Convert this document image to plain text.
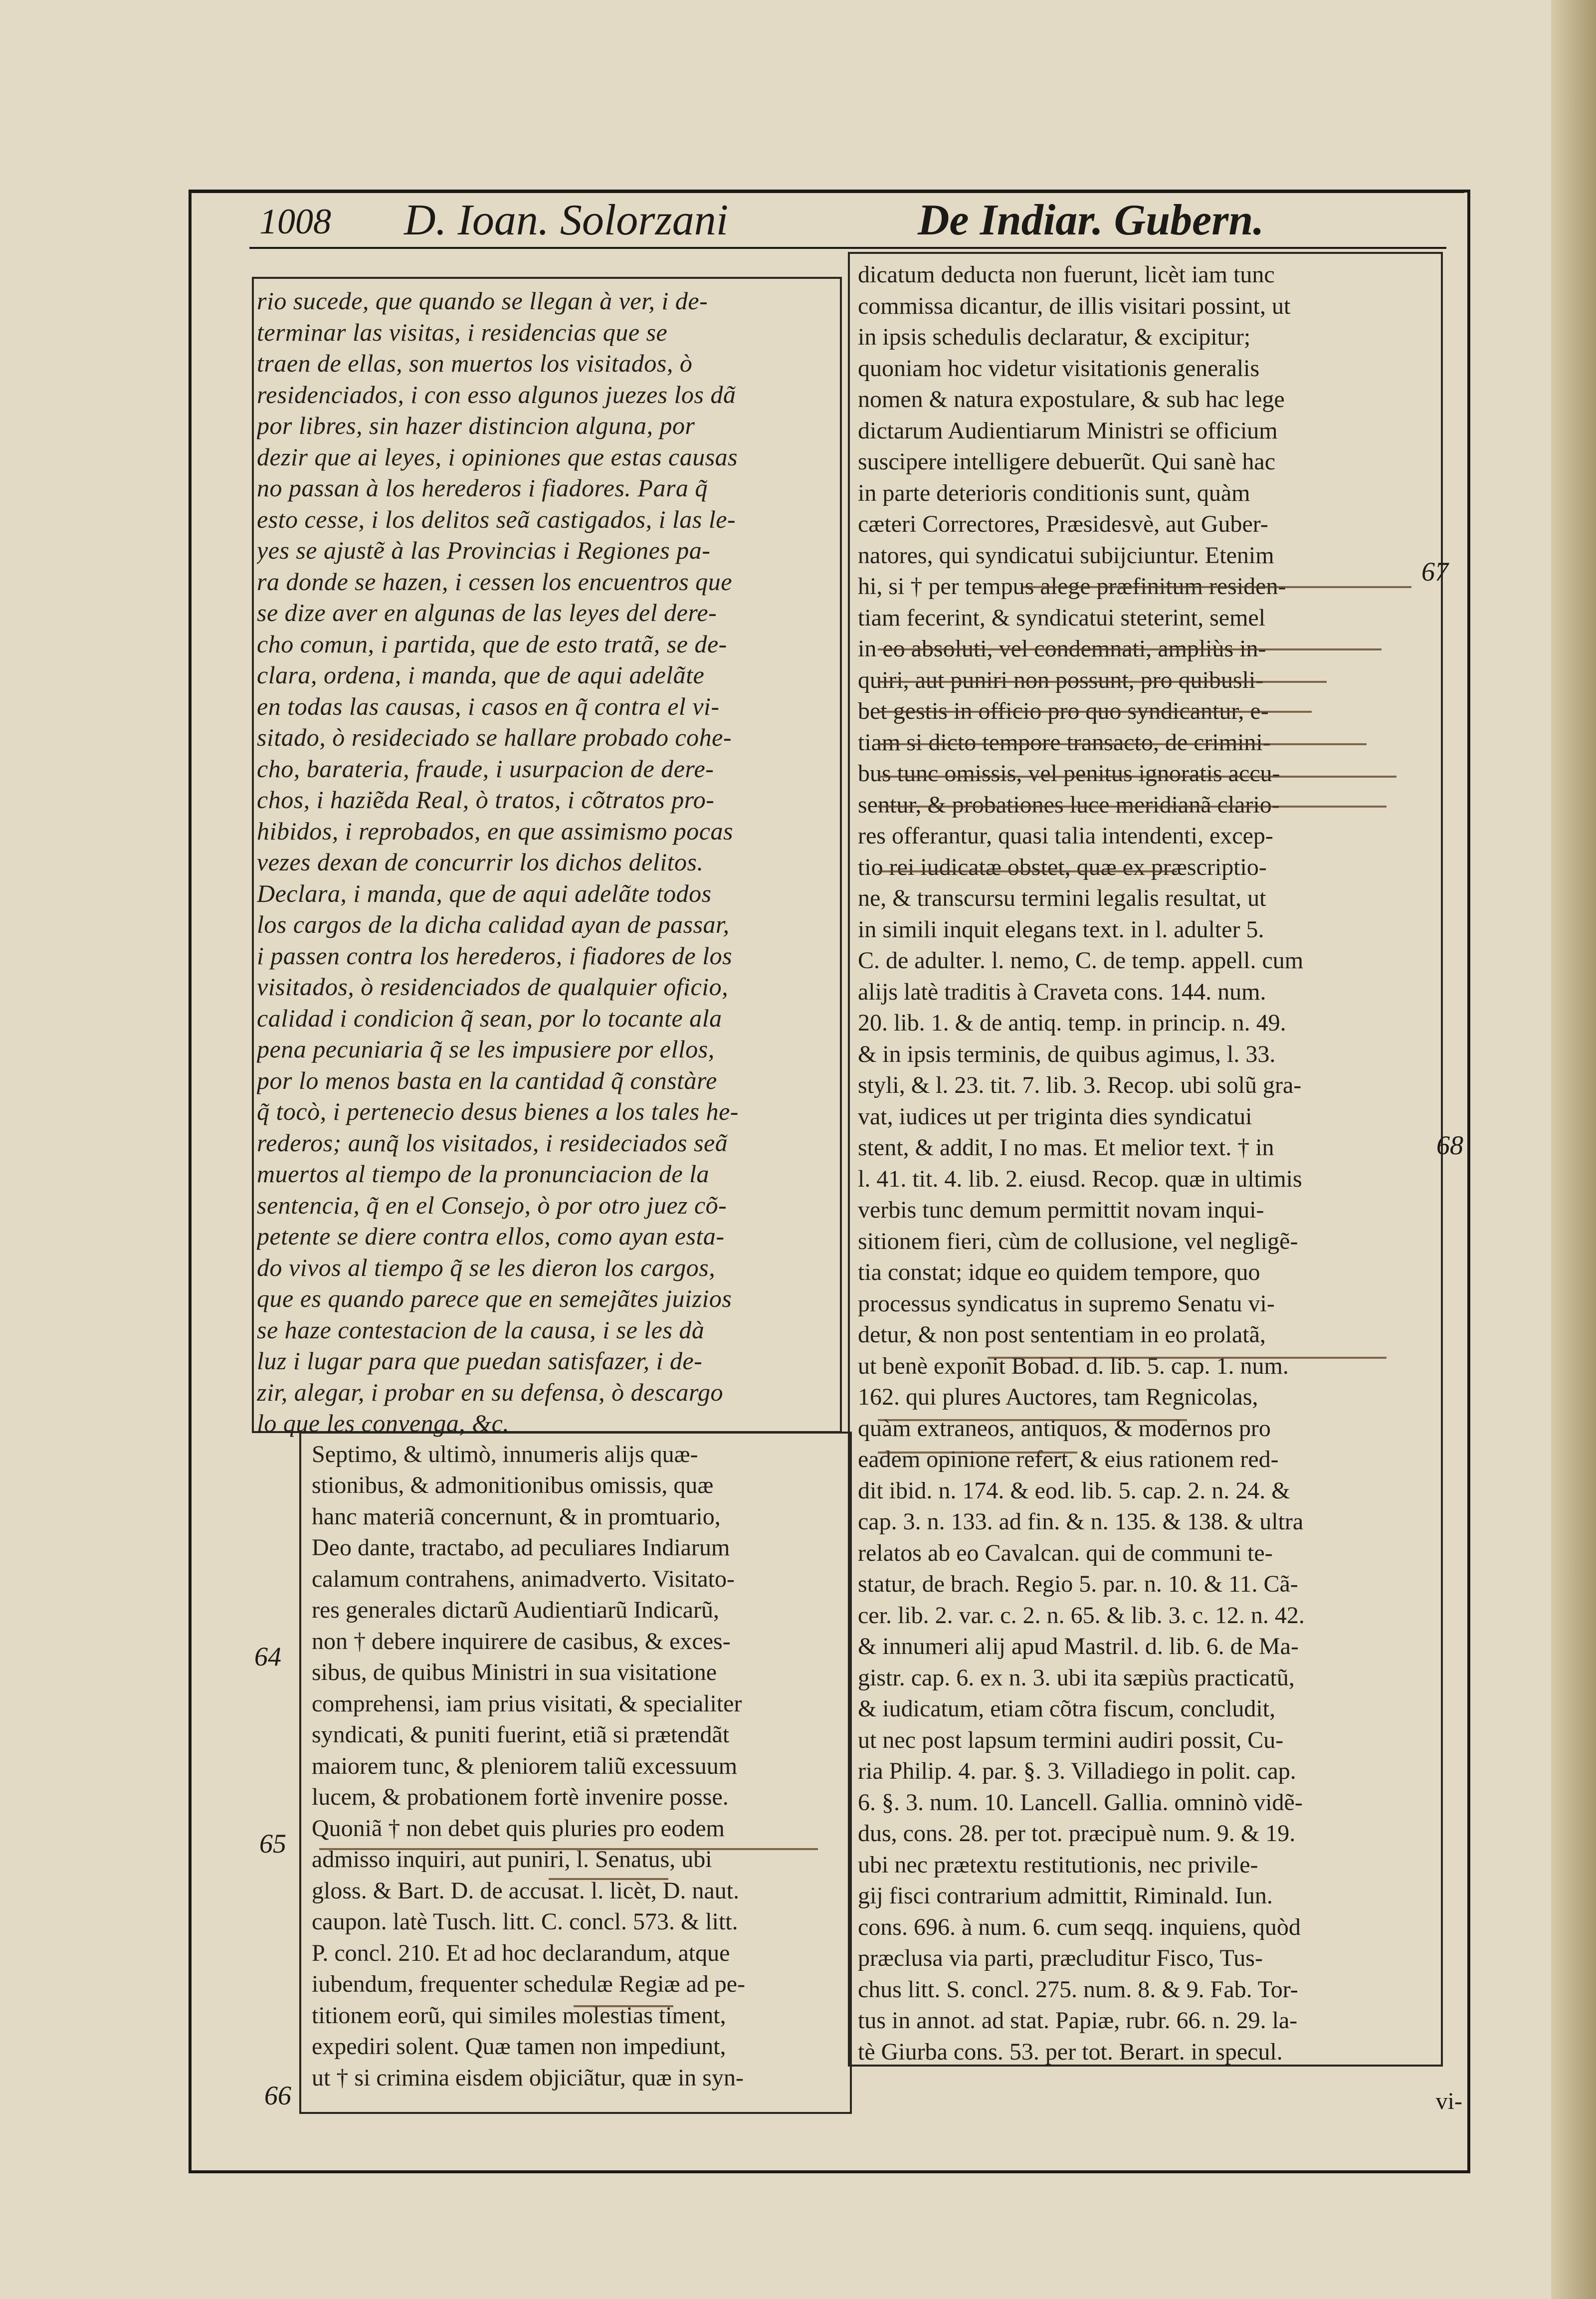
1008 D. Ioan. Solorzani	De Indiar. Gubern.
rio sucede, que quando se llegan à ver, i de-
terminar las visitas, i residencias que se
traen de ellas, son muertos los visitados, ò
residenciados, i con esso algunos juezes los dã
por libres, sin hazer distincion alguna, por
dezir que ai leyes, i opiniones que estas causas
no passan à los herederos i fiadores. Para q̃
esto cesse, i los delitos seã castigados, i las le-
yes se ajustẽ à las Provincias i Regiones pa-
ra donde se hazen, i cessen los encuentros que
se dize aver en algunas de las leyes del dere-
cho comun, i partida, que de esto tratã, se de-
clara, ordena, i manda, que de aqui adelãte
en todas las causas, i casos en q̃ contra el vi-
sitado, ò resideciado se hallare probado cohe-
cho, barateria, fraude, i usurpacion de dere-
chos, i haziẽda Real, ò tratos, i cõtratos pro-
hibidos, i reprobados, en que assimismo pocas
vezes dexan de concurrir los dichos delitos.
Declara, i manda, que de aqui adelãte todos
los cargos de la dicha calidad ayan de passar,
i passen contra los herederos, i fiadores de los
visitados, ò residenciados de qualquier oficio,
calidad i condicion q̃ sean, por lo tocante ala
pena pecuniaria q̃ se les impusiere por ellos,
por lo menos basta en la cantidad q̃ constàre
q̃ tocò, i pertenecio desus bienes a los tales he-
rederos; aunq̃ los visitados, i resideciados seã
muertos al tiempo de la pronunciacion de la
sentencia, q̃ en el Consejo, ò por otro juez cõ-
petente se diere contra ellos, como ayan esta-
do vivos al tiempo q̃ se les dieron los cargos,
que es quando parece que en semejãtes juizios
se haze contestacion de la causa, i se les dà
luz i lugar para que puedan satisfazer, i de-
zir, alegar, i probar en su defensa, ò descargo
lo que les convenga, &c.
Septimo, & ultimò, innumeris alijs quæ-
stionibus, & admonitionibus omissis, quæ
hanc materiã concernunt, & in promtuario,
Deo dante, tractabo, ad peculiares Indiarum
calamum contrahens, animadverto. Visitato-
res generales dictarũ Audientiarũ Indicarũ,
non † debere inquirere de casibus, & exces-
sibus, de quibus Ministri in sua visitatione
comprehensi, iam prius visitati, & specialiter
syndicati, & puniti fuerint, etiã si prætendãt
maiorem tunc, & pleniorem taliũ excessuum
lucem, & probationem fortè invenire posse.
Quoniã † non debet quis pluries pro eodem
admisso inquiri, aut puniri, l. Senatus, ubi
gloss. & Bart. D. de accusat. l. licèt, D. naut.
caupon. latè Tusch. litt. C. concl. 573. & litt.
P. concl. 210. Et ad hoc declarandum, atque
iubendum, frequenter schedulæ Regiæ ad pe-
titionem eorũ, qui similes molestias timent,
expediri solent. Quæ tamen non impediunt,
ut † si crimina eisdem objiciãtur, quæ in syn-
dicatum deducta non fuerunt, licèt iam tunc
commissa dicantur, de illis visitari possint, ut
in ipsis schedulis declaratur, & excipitur;
quoniam hoc videtur visitationis generalis
nomen & natura expostulare, & sub hac lege
dictarum Audientiarum Ministri se officium
suscipere intelligere debuerũt. Qui sanè hac
in parte deterioris conditionis sunt, quàm
cæteri Correctores, Præsidesvè, aut Guber-
natores, qui syndicatui subijciuntur. Etenim
hi, si † per tempus alege præfinitum residen-
tiam fecerint, & syndicatui steterint, semel
in eo absoluti, vel condemnati, ampliùs in-
quiri, aut puniri non possunt, pro quibusli-
bet gestis in officio pro quo syndicantur, e-
tiam si dicto tempore transacto, de crimini-
bus tunc omissis, vel penitus ignoratis accu-
sentur, & probationes luce meridianã clario-
res offerantur, quasi talia intendenti, excep-
tio rei iudicatæ obstet, quæ ex præscriptio-
ne, & transcursu termini legalis resultat, ut
in simili inquit elegans text. in l. adulter 5.
C. de adulter. l. nemo, C. de temp. appell. cum
alijs latè traditis à Craveta cons. 144. num.
20. lib. 1. & de antiq. temp. in princip. n. 49.
& in ipsis terminis, de quibus agimus, l. 33.
styli, & l. 23. tit. 7. lib. 3. Recop. ubi solũ gra-
vat, iudices ut per triginta dies syndicatui
stent, & addit, I no mas. Et melior text. † in
l. 41. tit. 4. lib. 2. eiusd. Recop. quæ in ultimis
verbis tunc demum permittit novam inqui-
sitionem fieri, cùm de collusione, vel negligẽ-
tia constat; idque eo quidem tempore, quo
processus syndicatus in supremo Senatu vi-
detur, & non post sententiam in eo prolatã,
ut benè exponit Bobad. d. lib. 5. cap. 1. num.
162. qui plures Auctores, tam Regnicolas,
quàm extraneos, antiquos, & modernos pro
eadem opinione refert, & eius rationem red-
dit ibid. n. 174. & eod. lib. 5. cap. 2. n. 24. &
cap. 3. n. 133. ad fin. & n. 135. & 138. & ultra
relatos ab eo Cavalcan. qui de communi te-
statur, de brach. Regio 5. par. n. 10. & 11. Cã-
cer. lib. 2. var. c. 2. n. 65. & lib. 3. c. 12. n. 42.
& innumeri alij apud Mastril. d. lib. 6. de Ma-
gistr. cap. 6. ex n. 3. ubi ita sæpiùs practicatũ,
& iudicatum, etiam cõtra fiscum, concludit,
ut nec post lapsum termini audiri possit, Cu-
ria Philip. 4. par. §. 3. Villadiego in polit. cap.
6. §. 3. num. 10. Lancell. Gallia. omninò vidẽ-
dus, cons. 28. per tot. præcipuè num. 9. & 19.
ubi nec prætextu restitutionis, nec privile-
gij fisci contrarium admittit, Riminald. Iun.
cons. 696. à num. 6. cum seqq. inquiens, quòd
præclusa via parti, præcluditur Fisco, Tus-
chus litt. S. concl. 275. num. 8. & 9. Fab. Tor-
tus in annot. ad stat. Papiæ, rubr. 66. n. 29. la-
tè Giurba cons. 53. per tot. Berart. in specul.
64
65
66
67
68
vi-
